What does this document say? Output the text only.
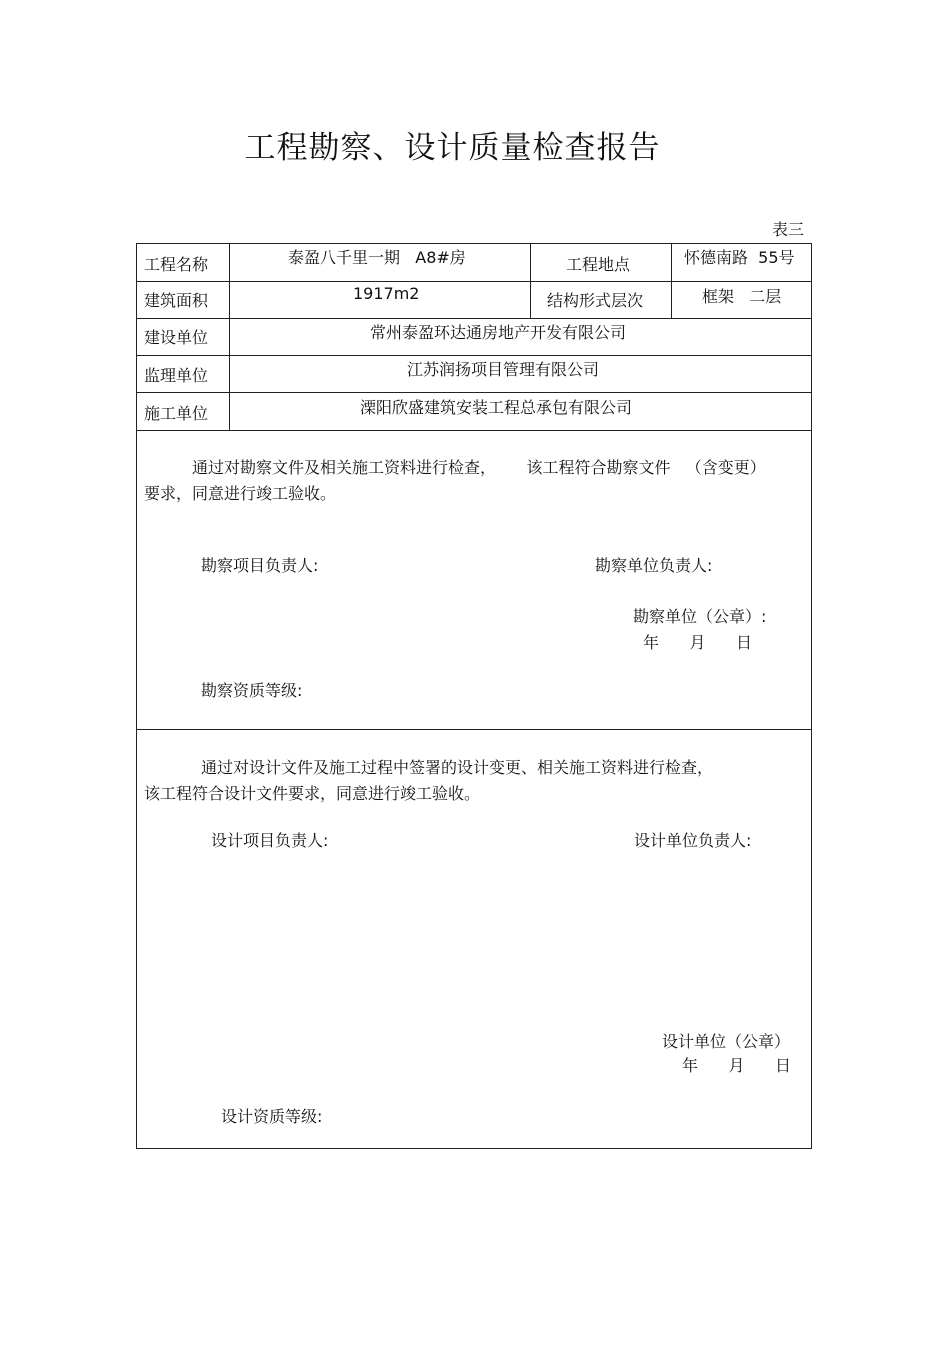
工程勘察、设计质量检查报告
表三
工程名称	泰盈八千里一期   A8#房	工程地点	怀德南路  55号
建筑面积	1917m2	结构形式层次	框架   二层
建设单位	常州泰盈环达通房地产开发有限公司
监理单位	江苏润扬项目管理有限公司
施工单位	溧阳欣盛建筑安装工程总承包有限公司
通过对勘察文件及相关施工资料进行检查，      该工程符合勘察文件   （含变更）
要求，同意进行竣工验收。
勘察项目负责人:	勘察单位负责人:
勘察单位（公章）:
年      月      日
勘察资质等级:
通过对设计文件及施工过程中签署的设计变更、相关施工资料进行检查，
该工程符合设计文件要求，同意进行竣工验收。
设计项目负责人:	设计单位负责人:
设计单位（公章）
年      月      日
设计资质等级:
